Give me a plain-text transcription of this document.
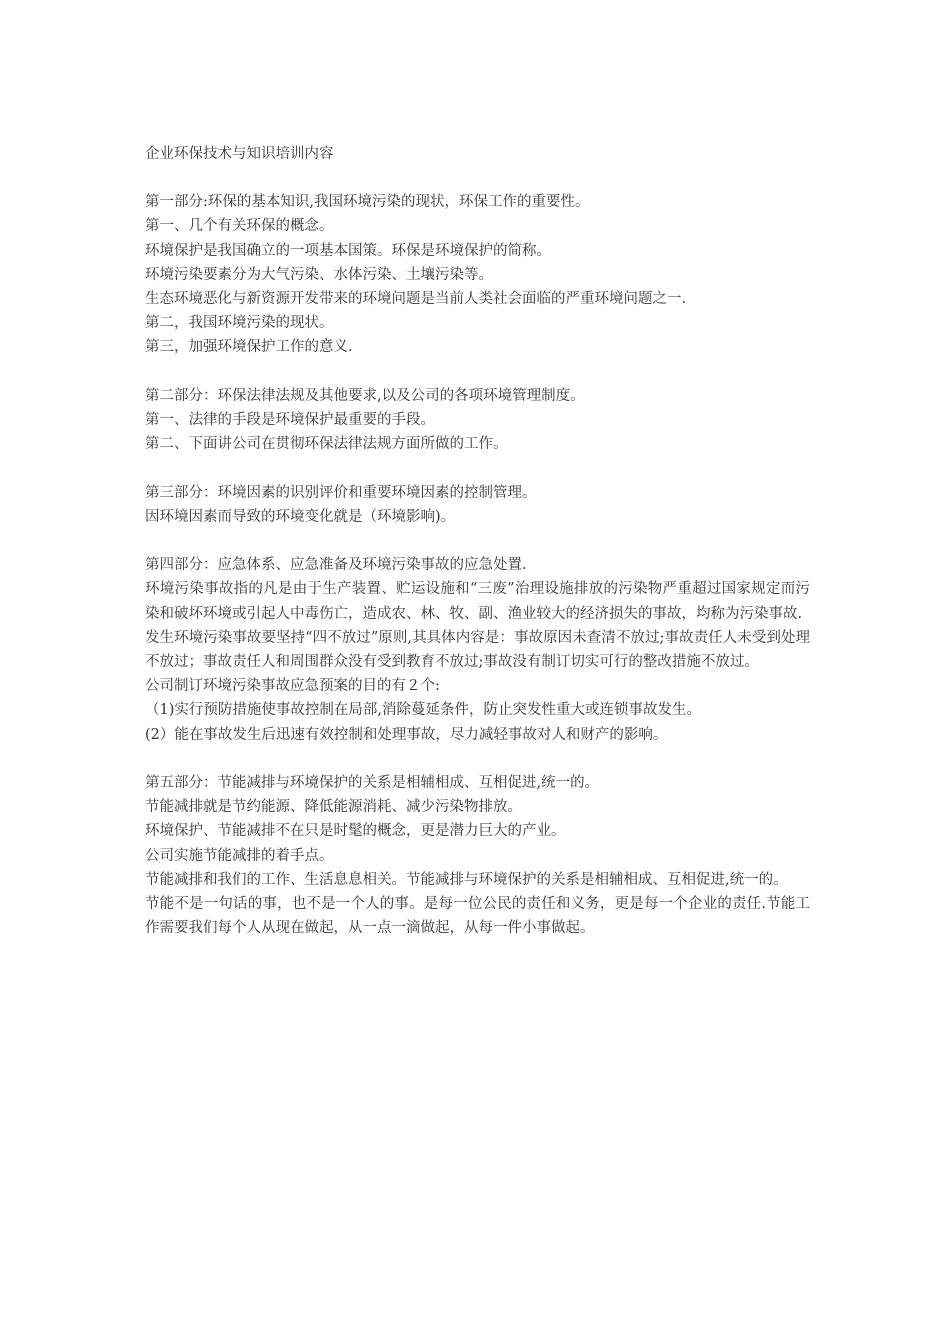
企业环保技术与知识培训内容

第一部分:环保的基本知识,我国环境污染的现状，环保工作的重要性。

第一、几个有关环保的概念。

环境保护是我国确立的一项基本国策。环保是环境保护的简称。

环境污染要素分为大气污染、水体污染、土壤污染等。

生态环境恶化与新资源开发带来的环境问题是当前人类社会面临的严重环境问题之一.

第二，我国环境污染的现状。

第三，加强环境保护工作的意义.

第二部分：环保法律法规及其他要求,以及公司的各项环境管理制度。

第一、法律的手段是环境保护最重要的手段。

第二、下面讲公司在贯彻环保法律法规方面所做的工作。

第三部分：环境因素的识别评价和重要环境因素的控制管理。

因环境因素而导致的环境变化就是（环境影响)。

第四部分：应急体系、应急准备及环境污染事故的应急处置.

环境污染事故指的凡是由于生产装置、贮运设施和“三废”治理设施排放的污染物严重超过国家规定而污染和破坏环境或引起人中毒伤亡，造成农、林、牧、副、渔业较大的经济损失的事故，均称为污染事故.

发生环境污染事故要坚持“四不放过”原则,其具体内容是：事故原因未查清不放过;事故责任人未受到处理不放过；事故责任人和周围群众没有受到教育不放过;事故没有制订切实可行的整改措施不放过。

公司制订环境污染事故应急预案的目的有２个:

（1)实行预防措施使事故控制在局部,消除蔓延条件，防止突发性重大或连锁事故发生。

(2）能在事故发生后迅速有效控制和处理事故，尽力减轻事故对人和财产的影响。

第五部分：节能减排与环境保护的关系是相辅相成、互相促进,统一的。

节能减排就是节约能源、降低能源消耗、减少污染物排放。

环境保护、节能减排不在只是时髦的概念，更是潜力巨大的产业。

公司实施节能减排的着手点。

节能减排和我们的工作、生活息息相关。节能减排与环境保护的关系是相辅相成、互相促进,统一的。

节能不是一句话的事，也不是一个人的事。是每一位公民的责任和义务，更是每一个企业的责任.节能工作需要我们每个人从现在做起，从一点一滴做起，从每一件小事做起。
